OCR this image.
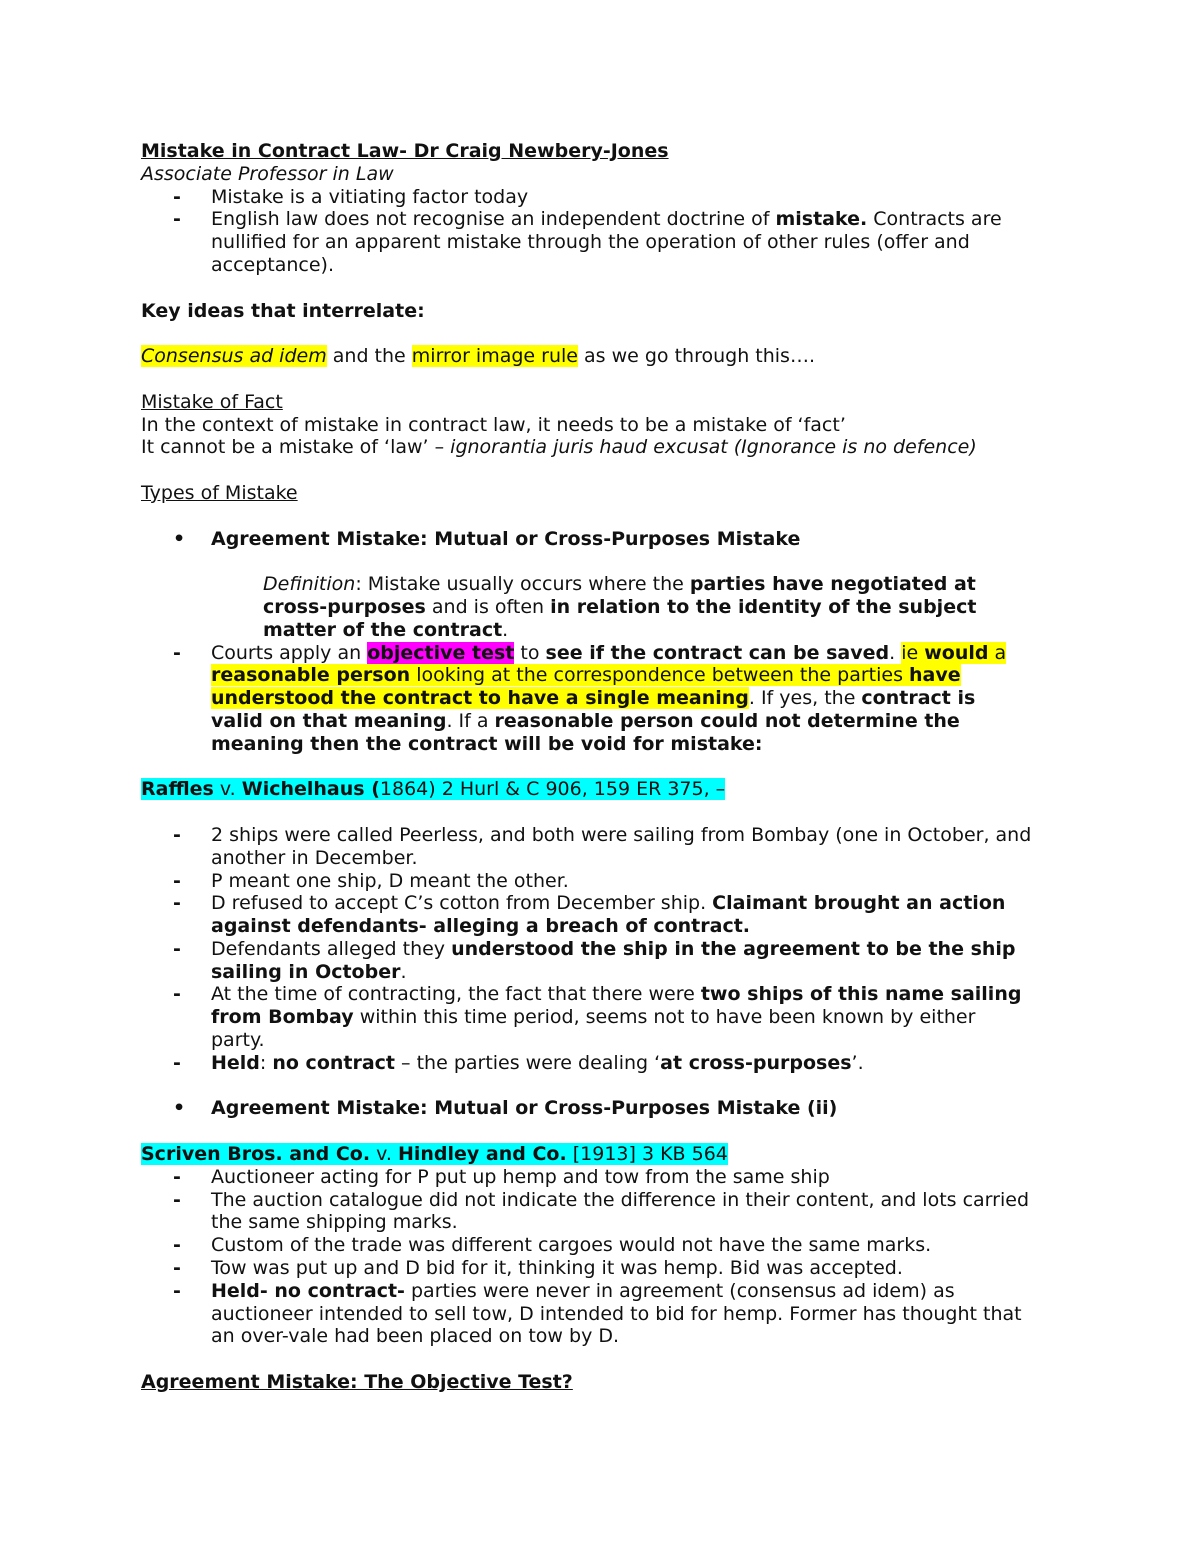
Mistake in Contract Law- Dr Craig Newbery-Jones
Associate Professor in Law
- Mistake is a vitiating factor today
- English law does not recognise an independent doctrine of mistake. Contracts are
nullified for an apparent mistake through the operation of other rules (offer and
acceptance).
Key ideas that interrelate:
Consensus ad idem and the mirror image rule as we go through this….
Mistake of Fact
In the context of mistake in contract law, it needs to be a mistake of ‘fact’
It cannot be a mistake of ‘law’ – ignorantia juris haud excusat (Ignorance is no defence)
Types of Mistake
• Agreement Mistake: Mutual or Cross-Purposes Mistake
Definition: Mistake usually occurs where the parties have negotiated at
cross-purposes and is often in relation to the identity of the subject
matter of the contract.
- Courts apply an objective test to see if the contract can be saved. ie would a
reasonable person looking at the correspondence between the parties have
understood the contract to have a single meaning. If yes, the contract is
valid on that meaning. If a reasonable person could not determine the
meaning then the contract will be void for mistake:
Raffles v. Wichelhaus (1864) 2 Hurl & C 906, 159 ER 375, –
- 2 ships were called Peerless, and both were sailing from Bombay (one in October, and
another in December.
- P meant one ship, D meant the other.
- D refused to accept C’s cotton from December ship. Claimant brought an action
against defendants- alleging a breach of contract.
- Defendants alleged they understood the ship in the agreement to be the ship
sailing in October.
- At the time of contracting, the fact that there were two ships of this name sailing
from Bombay within this time period, seems not to have been known by either
party.
- Held: no contract – the parties were dealing ‘at cross-purposes’.
• Agreement Mistake: Mutual or Cross-Purposes Mistake (ii)
Scriven Bros. and Co. v. Hindley and Co. [1913] 3 KB 564
- Auctioneer acting for P put up hemp and tow from the same ship
- The auction catalogue did not indicate the difference in their content, and lots carried
the same shipping marks.
- Custom of the trade was different cargoes would not have the same marks.
- Tow was put up and D bid for it, thinking it was hemp. Bid was accepted.
- Held- no contract- parties were never in agreement (consensus ad idem) as
auctioneer intended to sell tow, D intended to bid for hemp. Former has thought that
an over-vale had been placed on tow by D.
Agreement Mistake: The Objective Test?
